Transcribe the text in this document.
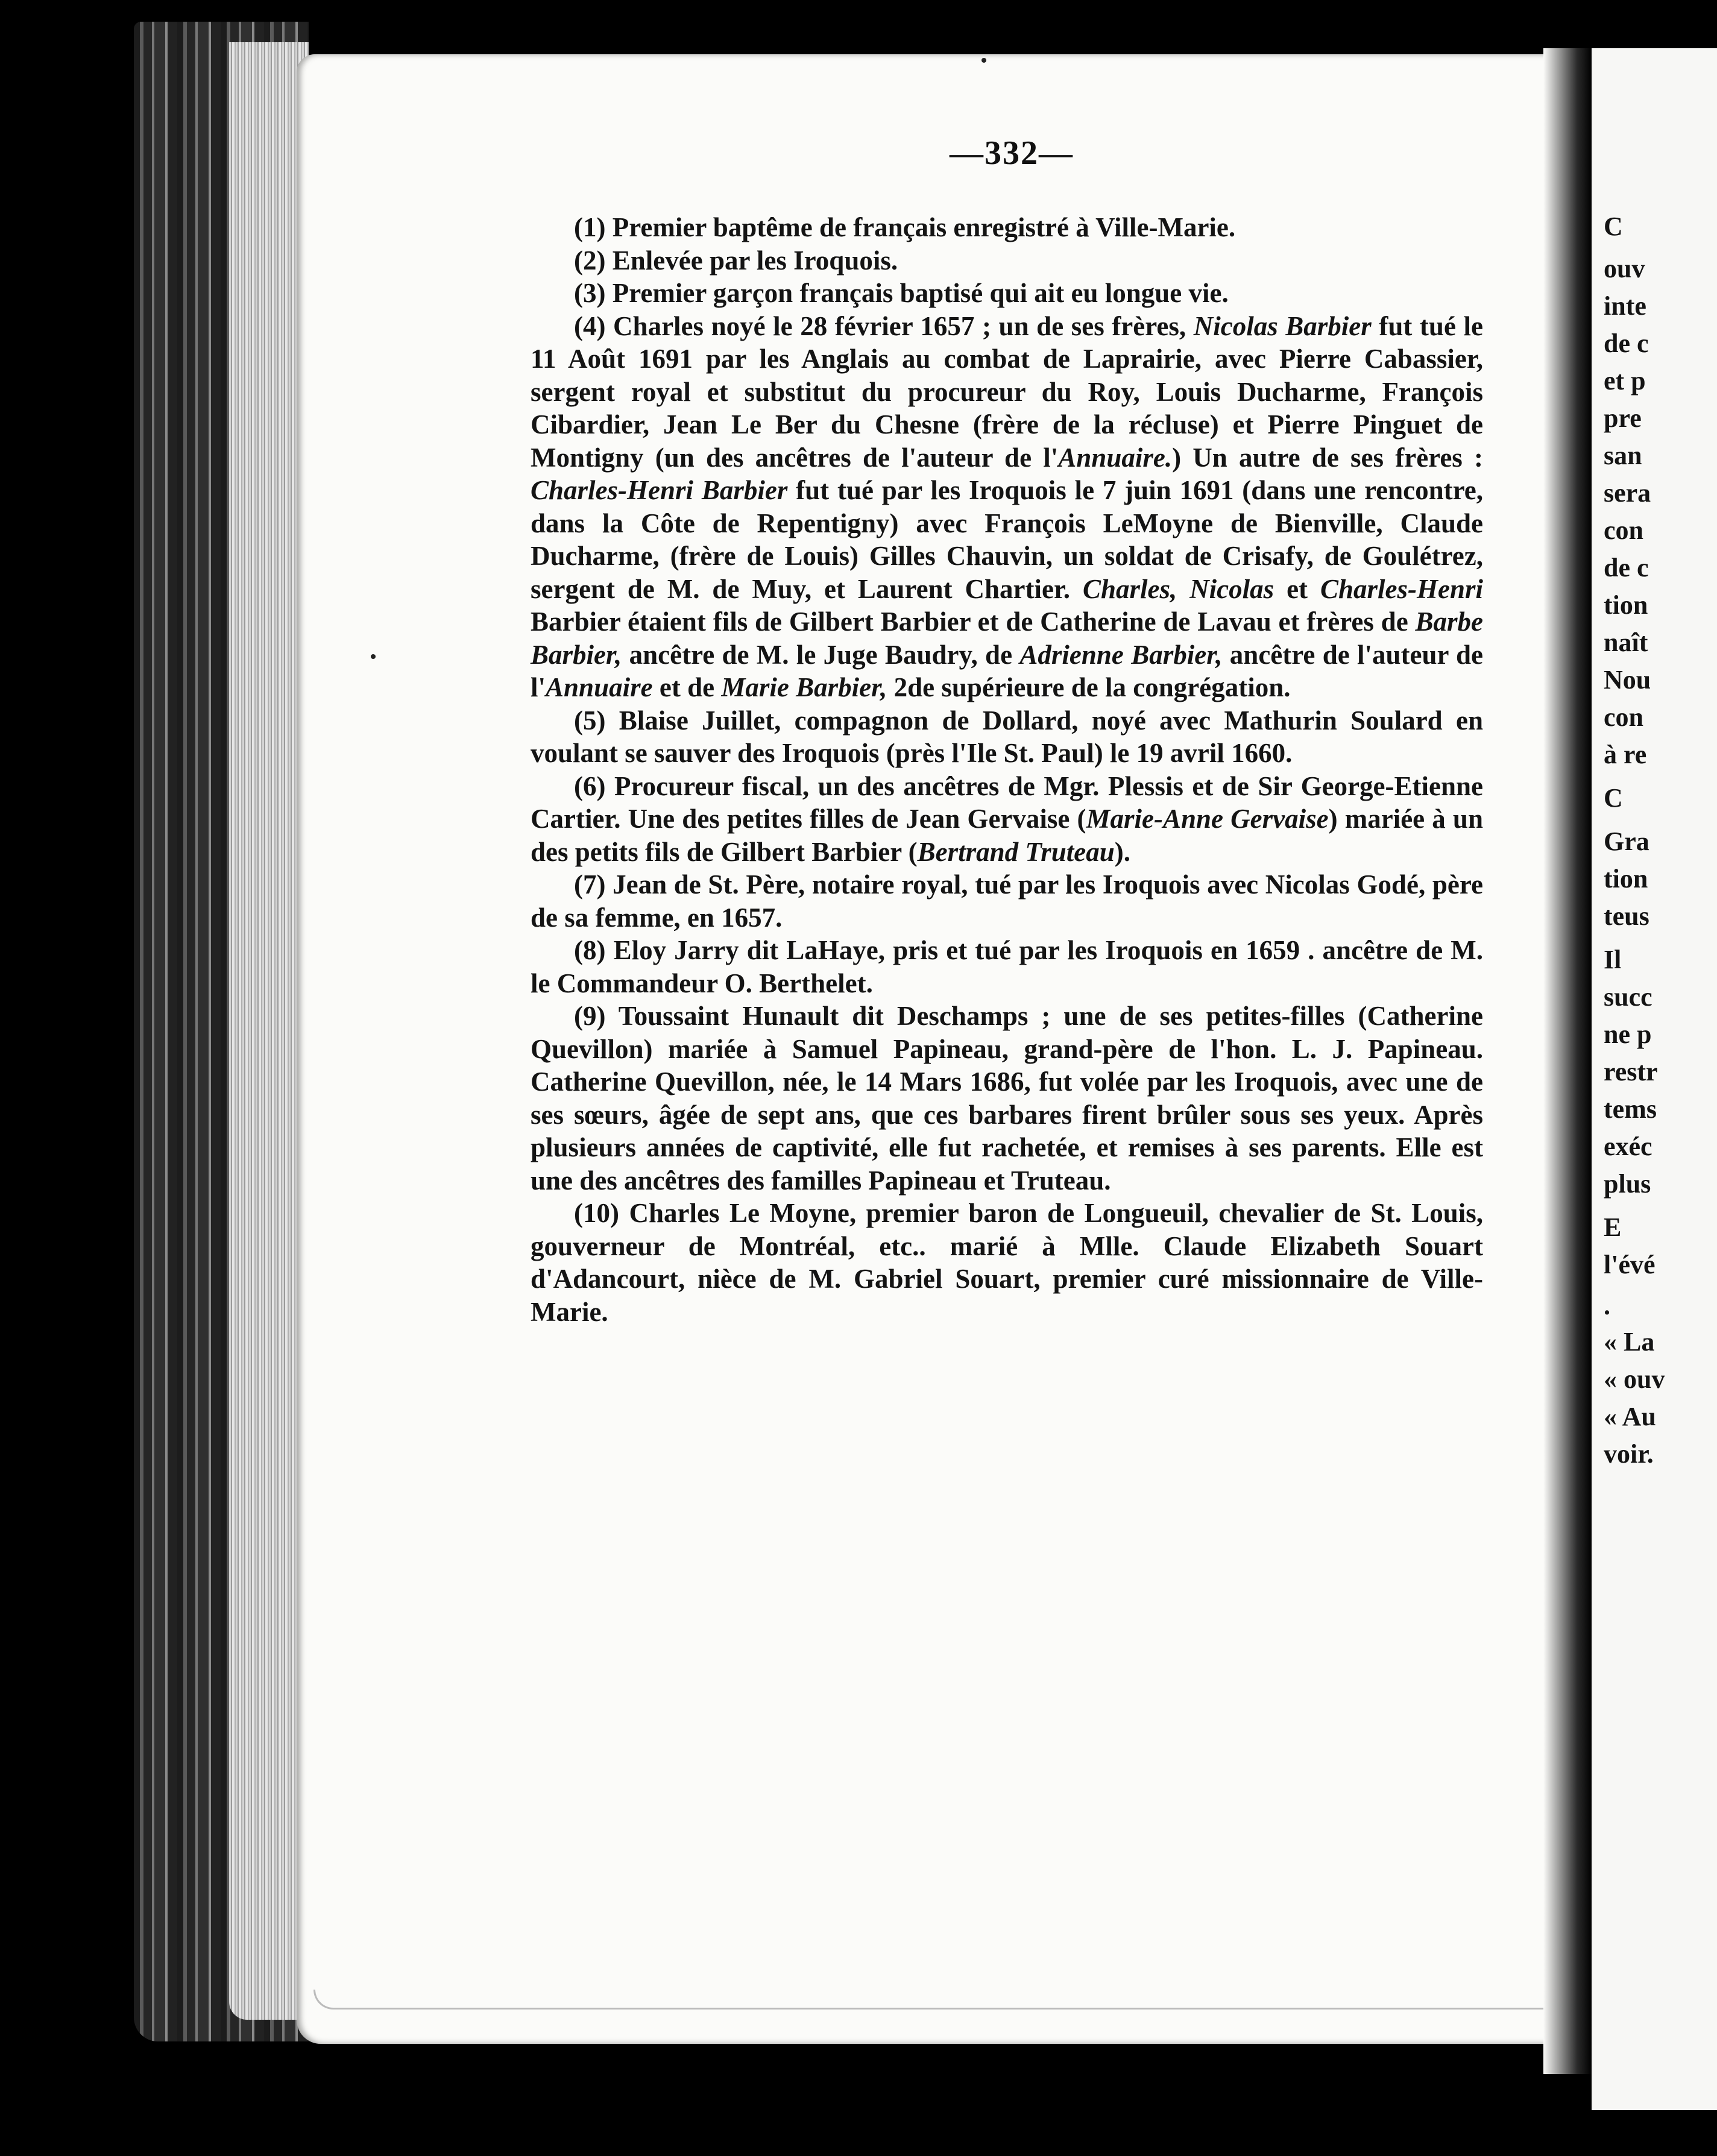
C
ouv
inte
de c
et p
pre
san
sera
con
de c
tion
naît
Nou
con
à re
C
Gra
tion
teus
Il
succ
ne p
restr
tems
exéc
plus
E
l'évé
.
« La
« ouv
« Au
voir.
—332—

(1) Premier baptême de français enregistré à Ville-Marie.

(2) Enlevée par les Iroquois.

(3) Premier garçon français baptisé qui ait eu longue vie.

(4) Charles noyé le 28 février 1657 ; un de ses frères, Nicolas Barbier fut tué le 11 Août 1691 par les Anglais au combat de Laprairie, avec Pierre Cabassier, sergent royal et substitut du procureur du Roy, Louis Ducharme, François Cibardier, Jean Le Ber du Chesne (frère de la récluse) et Pierre Pinguet de Montigny (un des ancêtres de l'auteur de l'Annuaire.) Un autre de ses frères : Charles-Henri Barbier fut tué par les Iroquois le 7 juin 1691 (dans une rencontre, dans la Côte de Repentigny) avec François LeMoyne de Bienville, Claude Ducharme, (frère de Louis) Gilles Chauvin, un soldat de Crisafy, de Goulétrez, sergent de M. de Muy, et Laurent Chartier. Charles, Nicolas et Charles-Henri Barbier étaient fils de Gilbert Barbier et de Catherine de Lavau et frères de Barbe Barbier, ancêtre de M. le Juge Baudry, de Adrienne Barbier, ancêtre de l'auteur de l'Annuaire et de Marie Barbier, 2de supérieure de la congrégation.

(5) Blaise Juillet, compagnon de Dollard, noyé avec Mathurin Soulard en voulant se sauver des Iroquois (près l'Ile St. Paul) le 19 avril 1660.

(6) Procureur fiscal, un des ancêtres de Mgr. Plessis et de Sir George-Etienne Cartier. Une des petites filles de Jean Gervaise (Marie-Anne Gervaise) mariée à un des petits fils de Gilbert Barbier (Bertrand Truteau).

(7) Jean de St. Père, notaire royal, tué par les Iroquois avec Nicolas Godé, père de sa femme, en 1657.

(8) Eloy Jarry dit LaHaye, pris et tué par les Iroquois en 1659 . ancêtre de M. le Commandeur O. Berthelet.

(9) Toussaint Hunault dit Deschamps ; une de ses petites-filles (Catherine Quevillon) mariée à Samuel Papineau, grand-père de l'hon. L. J. Papineau. Catherine Quevillon, née, le 14 Mars 1686, fut volée par les Iroquois, avec une de ses sœurs, âgée de sept ans, que ces barbares firent brûler sous ses yeux. Après plusieurs années de captivité, elle fut rachetée, et remises à ses parents. Elle est une des ancêtres des familles Papineau et Truteau.

(10) Charles Le Moyne, premier baron de Longueuil, chevalier de St. Louis, gouverneur de Montréal, etc.. marié à Mlle. Claude Elizabeth Souart d'Adancourt, nièce de M. Gabriel Souart, premier curé missionnaire de Ville-Marie.
